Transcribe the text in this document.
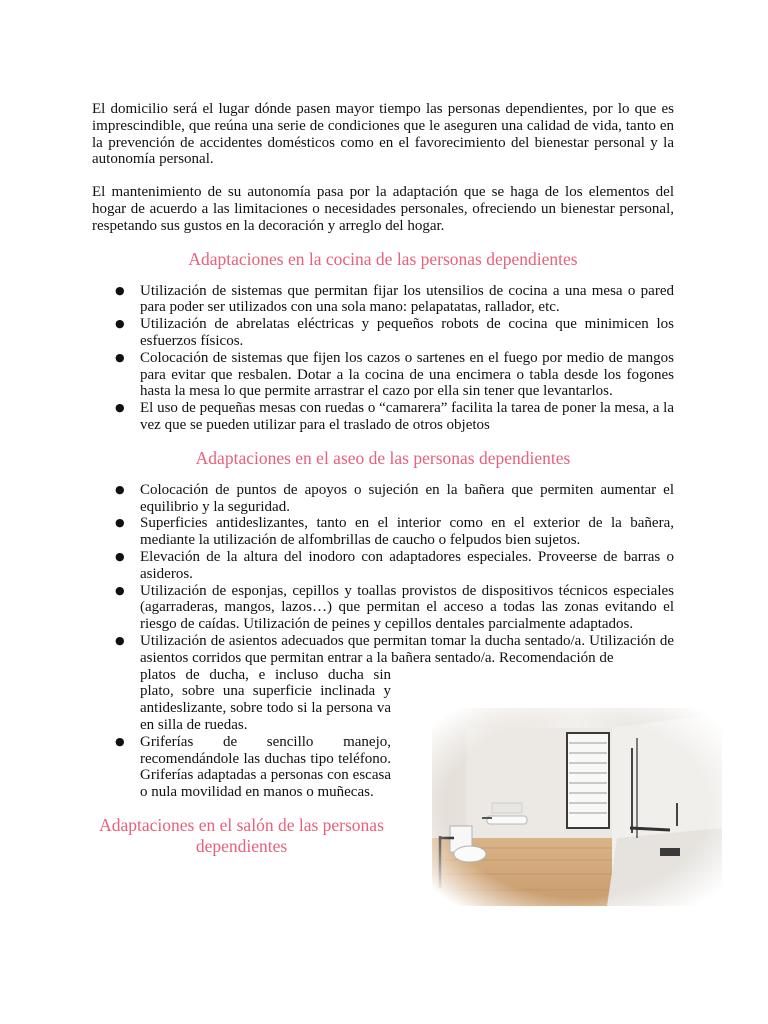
El domicilio será el lugar dónde pasen mayor tiempo las personas dependientes, por lo que es imprescindible, que reúna una serie de condiciones que le aseguren una calidad de vida, tanto en la prevención de accidentes domésticos como en el favorecimiento del bienestar personal y la autonomía personal.

El mantenimiento de su autonomía pasa por la adaptación que se haga de los elementos del hogar de acuerdo a las limitaciones o necesidades personales, ofreciendo un bienestar personal, respetando sus gustos en la decoración y arreglo del hogar.

Adaptaciones en la cocina de las personas dependientes
● Utilización de sistemas que permitan fijar los utensilios de cocina a una mesa o pared para poder ser utilizados con una sola mano: pelapatatas, rallador, etc.
● Utilización de abrelatas eléctricas y pequeños robots de cocina que minimicen los esfuerzos físicos.
● Colocación de sistemas que fijen los cazos o sartenes en el fuego por medio de mangos para evitar que resbalen. Dotar a la cocina de una encimera o tabla desde los fogones hasta la mesa lo que permite arrastrar el cazo por ella sin tener que levantarlos.
● El uso de pequeñas mesas con ruedas o “camarera” facilita la tarea de poner la mesa, a la vez que se pueden utilizar para el traslado de otros objetos
Adaptaciones en el aseo de las personas dependientes
● Colocación de puntos de apoyos o sujeción en la bañera que permiten aumentar el equilibrio y la seguridad.
● Superficies antideslizantes, tanto en el interior como en el exterior de la bañera, mediante la utilización de alfombrillas de caucho o felpudos bien sujetos.
● Elevación de la altura del inodoro con adaptadores especiales. Proveerse de barras o asideros.
● Utilización de esponjas, cepillos y toallas provistos de dispositivos técnicos especiales (agarraderas, mangos, lazos…) que permitan el acceso a todas las zonas evitando el riesgo de caídas. Utilización de peines y cepillos dentales parcialmente adaptados.
● Utilización de asientos adecuados que permitan tomar la ducha sentado/a. Utilización de asientos corridos que permitan entrar a la bañera sentado/a. Recomendación de
platos de ducha, e incluso ducha sin plato, sobre una superficie inclinada y antideslizante, sobre todo si la persona va en silla de ruedas.
● Griferías de sencillo manejo, recomendándole las duchas tipo teléfono. Griferías adaptadas a personas con escasa o nula movilidad en manos o muñecas.
Adaptaciones en el salón de las personas dependientes
